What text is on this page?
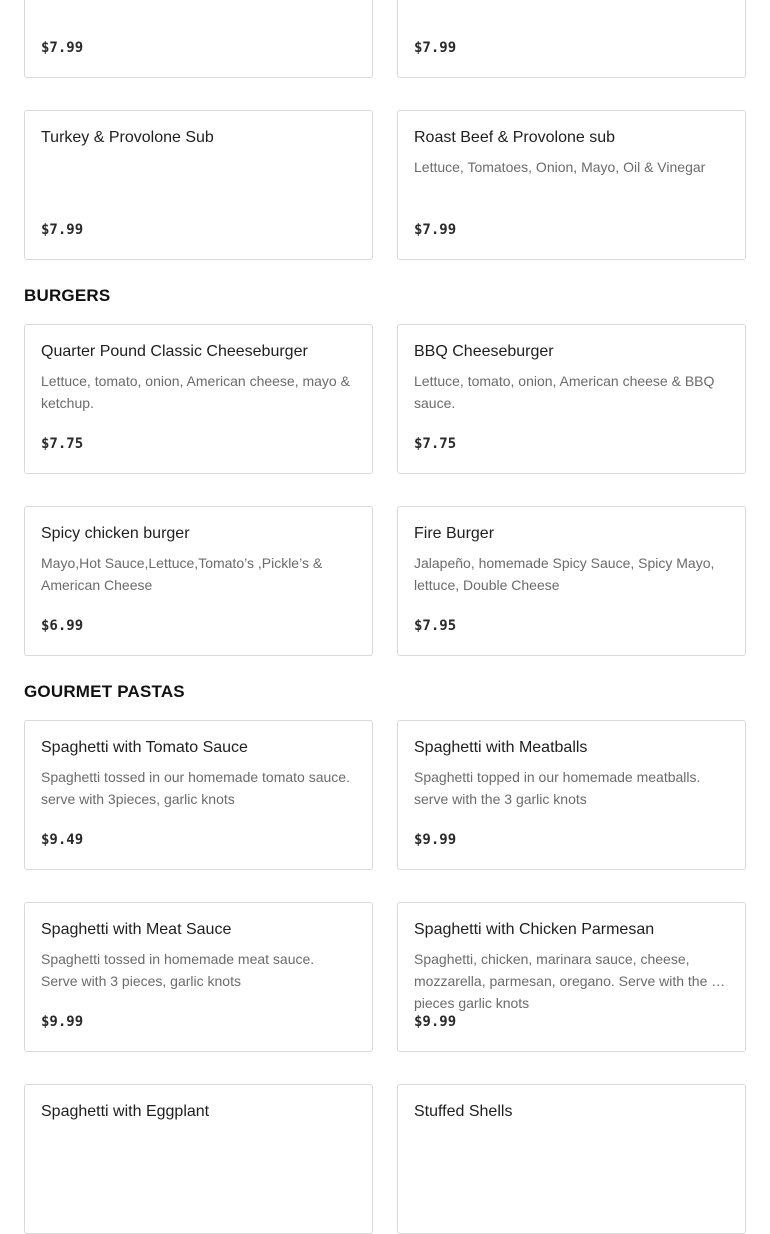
$7.99	$7.99
Turkey & Provolone Sub
$7.99
Roast Beef & Provolone sub
Lettuce, Tomatoes, Onion, Mayo, Oil & Vinegar
$7.99
BURGERS
Quarter Pound Classic Cheeseburger
Lettuce, tomato, onion, American cheese, mayo & ketchup.
$7.75
BBQ Cheeseburger
Lettuce, tomato, onion, American cheese & BBQ sauce.
$7.75
Spicy chicken burger
Mayo,Hot Sauce,Lettuce,Tomato’s ,Pickle’s & American Cheese
$6.99
Fire Burger
Jalapeño, homemade Spicy Sauce, Spicy Mayo, lettuce, Double Cheese
$7.95
GOURMET PASTAS
Spaghetti with Tomato Sauce
Spaghetti tossed in our homemade tomato sauce. serve with 3pieces, garlic knots
$9.49
Spaghetti with Meatballs
Spaghetti topped in our homemade meatballs. serve with the 3 garlic knots
$9.99
Spaghetti with Meat Sauce
Spaghetti tossed in homemade meat sauce. Serve with 3 pieces, garlic knots
$9.99
Spaghetti with Chicken Parmesan
Spaghetti, chicken, marinara sauce, cheese, mozzarella, parmesan, oregano. Serve with the 3 pieces garlic knots
$9.99
Spaghetti with Eggplant	Stuffed Shells
